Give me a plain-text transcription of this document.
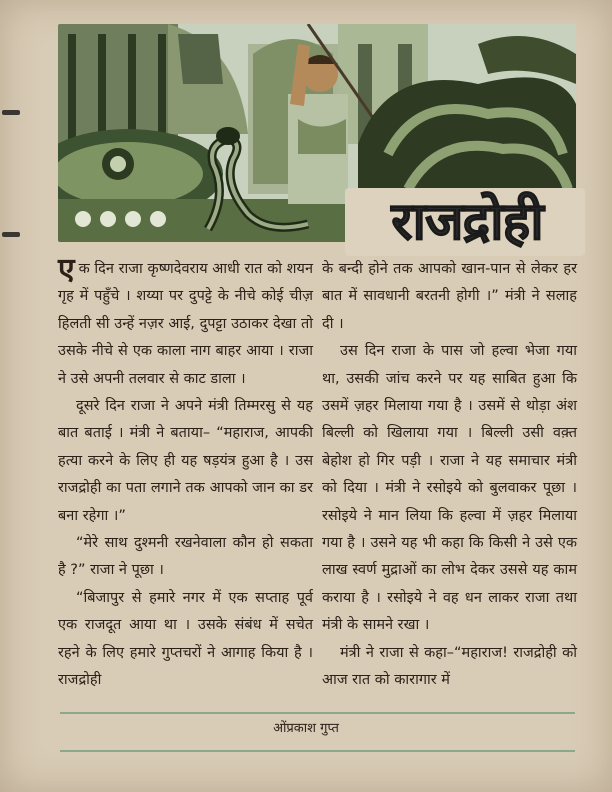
राजद्रोही

एक दिन राजा कृष्णदेवराय आधी रात को शयन गृह में पहुँचे । शय्या पर दुपट्टे के नीचे कोई चीज़ हिलती सी उन्हें नज़र आई, दुपट्टा उठाकर देखा तो उसके नीचे से एक काला नाग बाहर आया । राजा ने उसे अपनी तलवार से काट डाला ।

दूसरे दिन राजा ने अपने मंत्री तिम्मरसु से यह बात बताई । मंत्री ने बताया– “महाराज, आपकी हत्या करने के लिए ही यह षड़यंत्र हुआ है । उस राजद्रोही का पता लगाने तक आपको जान का डर बना रहेगा ।”

“मेरे साथ दुश्मनी रखनेवाला कौन हो सकता है ?” राजा ने पूछा ।

“बिजापुर से हमारे नगर में एक सप्ताह पूर्व एक राजदूत आया था । उसके संबंध में सचेत रहने के लिए हमारे गुप्तचरों ने आगाह किया है । राजद्रोही

के बन्दी होने तक आपको खान-पान से लेकर हर बात में सावधानी बरतनी होगी ।” मंत्री ने सलाह दी ।

उस दिन राजा के पास जो हल्वा भेजा गया था, उसकी जांच करने पर यह साबित हुआ कि उसमें ज़हर मिलाया गया है । उसमें से थोड़ा अंश बिल्ली को खिलाया गया । बिल्ली उसी वक़्त बेहोश हो गिर पड़ी । राजा ने यह समाचार मंत्री को दिया । मंत्री ने रसोइये को बुलवाकर पूछा । रसोइये ने मान लिया कि हल्वा में ज़हर मिलाया गया है । उसने यह भी कहा कि किसी ने उसे एक लाख स्वर्ण मुद्राओं का लोभ देकर उससे यह काम कराया है । रसोइये ने वह धन लाकर राजा तथा मंत्री के सामने रखा ।

मंत्री ने राजा से कहा–“महाराज! राजद्रोही को आज रात को कारागार में

ओंप्रकाश गुप्त
